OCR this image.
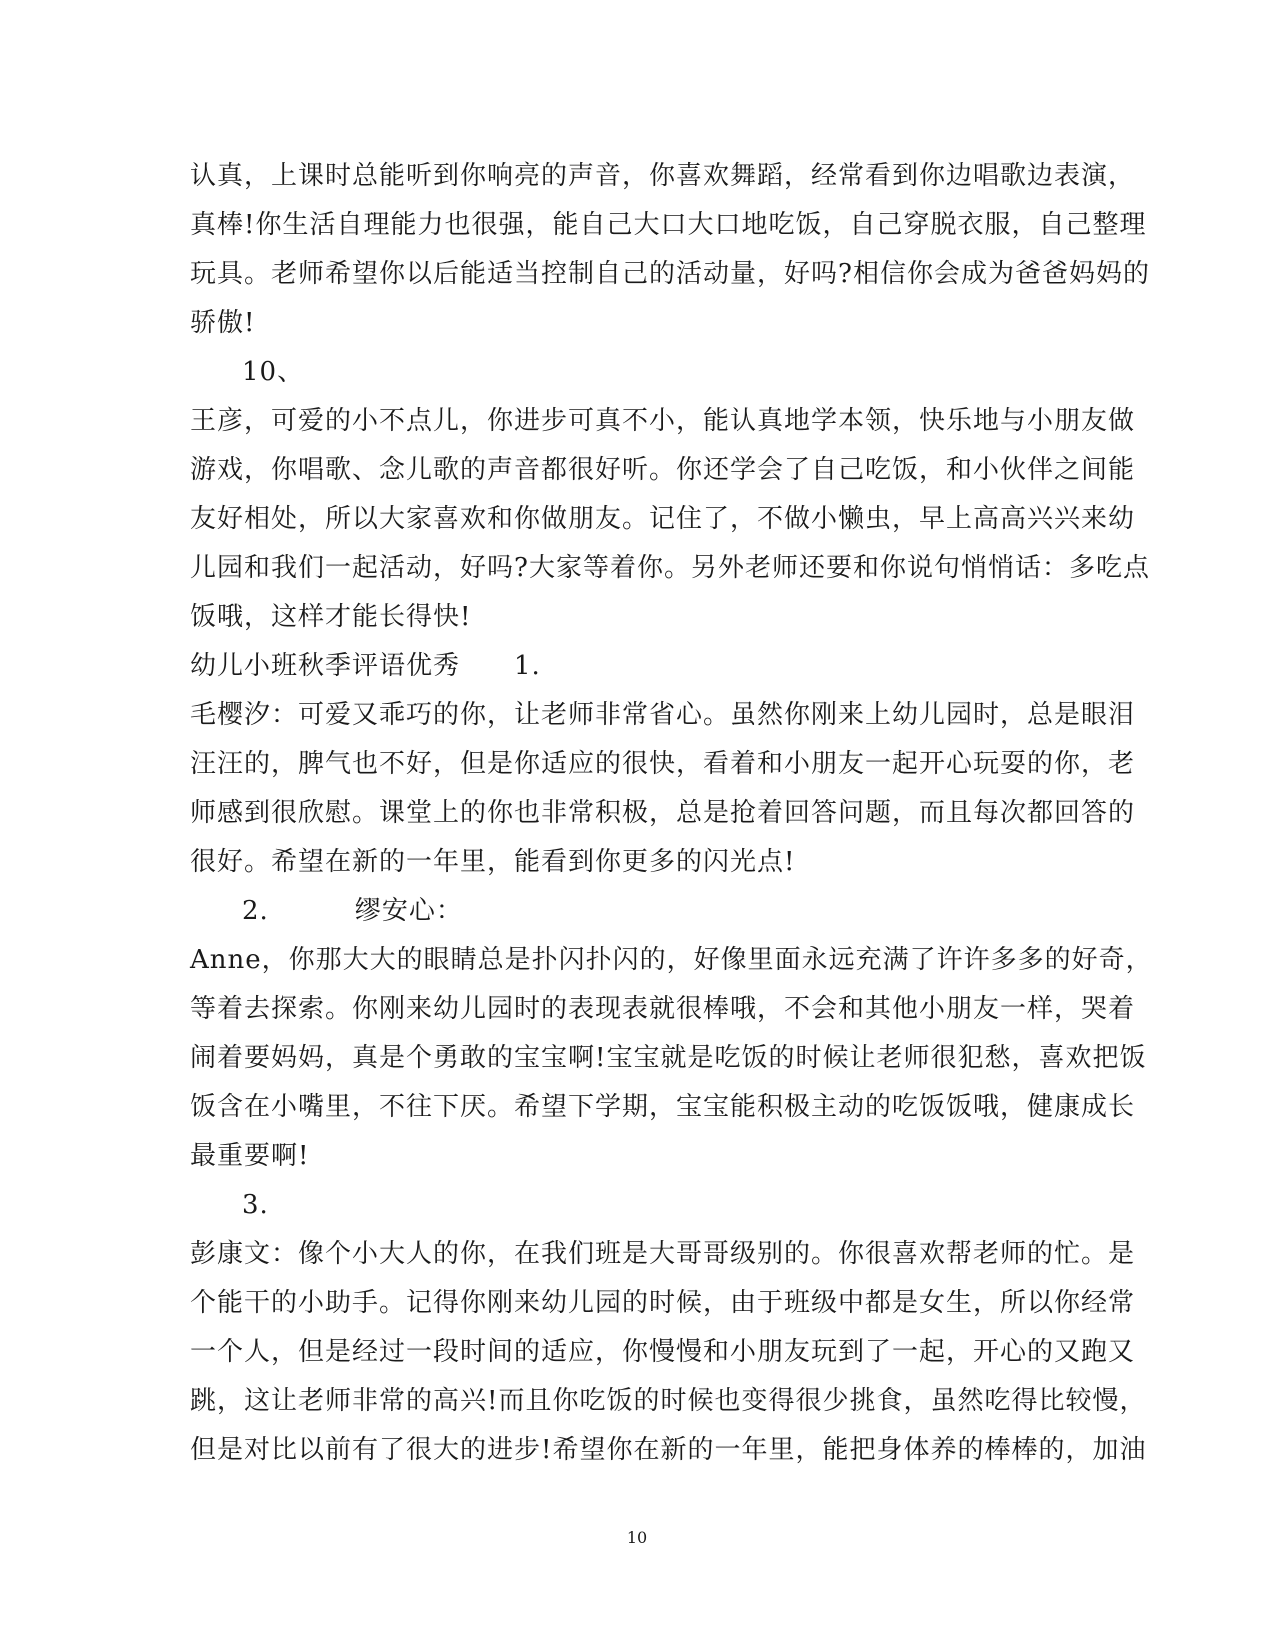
认真，上课时总能听到你响亮的声音，你喜欢舞蹈，经常看到你边唱歌边表演，
真棒!你生活自理能力也很强，能自己大口大口地吃饭，自己穿脱衣服，自己整理
玩具。老师希望你以后能适当控制自己的活动量，好吗?相信你会成为爸爸妈妈的
骄傲!
10、
王彦，可爱的小不点儿，你进步可真不小，能认真地学本领，快乐地与小朋友做
游戏，你唱歌、念儿歌的声音都很好听。你还学会了自己吃饭，和小伙伴之间能
友好相处，所以大家喜欢和你做朋友。记住了，不做小懒虫，早上高高兴兴来幼
儿园和我们一起活动，好吗?大家等着你。另外老师还要和你说句悄悄话：多吃点
饭哦，这样才能长得快!
幼儿小班秋季评语优秀 1.
毛樱汐：可爱又乖巧的你，让老师非常省心。虽然你刚来上幼儿园时，总是眼泪
汪汪的，脾气也不好，但是你适应的很快，看着和小朋友一起开心玩耍的你，老
师感到很欣慰。课堂上的你也非常积极，总是抢着回答问题，而且每次都回答的
很好。希望在新的一年里，能看到你更多的闪光点!
2.	缪安心：
Anne，你那大大的眼睛总是扑闪扑闪的，好像里面永远充满了许许多多的好奇，
等着去探索。你刚来幼儿园时的表现表就很棒哦，不会和其他小朋友一样，哭着
闹着要妈妈，真是个勇敢的宝宝啊!宝宝就是吃饭的时候让老师很犯愁，喜欢把饭
饭含在小嘴里，不往下厌。希望下学期，宝宝能积极主动的吃饭饭哦，健康成长
最重要啊!
3.
彭康文：像个小大人的你，在我们班是大哥哥级别的。你很喜欢帮老师的忙。是
个能干的小助手。记得你刚来幼儿园的时候，由于班级中都是女生，所以你经常
一个人，但是经过一段时间的适应，你慢慢和小朋友玩到了一起，开心的又跑又
跳，这让老师非常的高兴!而且你吃饭的时候也变得很少挑食，虽然吃得比较慢，
但是对比以前有了很大的进步!希望你在新的一年里，能把身体养的棒棒的，加油
10
